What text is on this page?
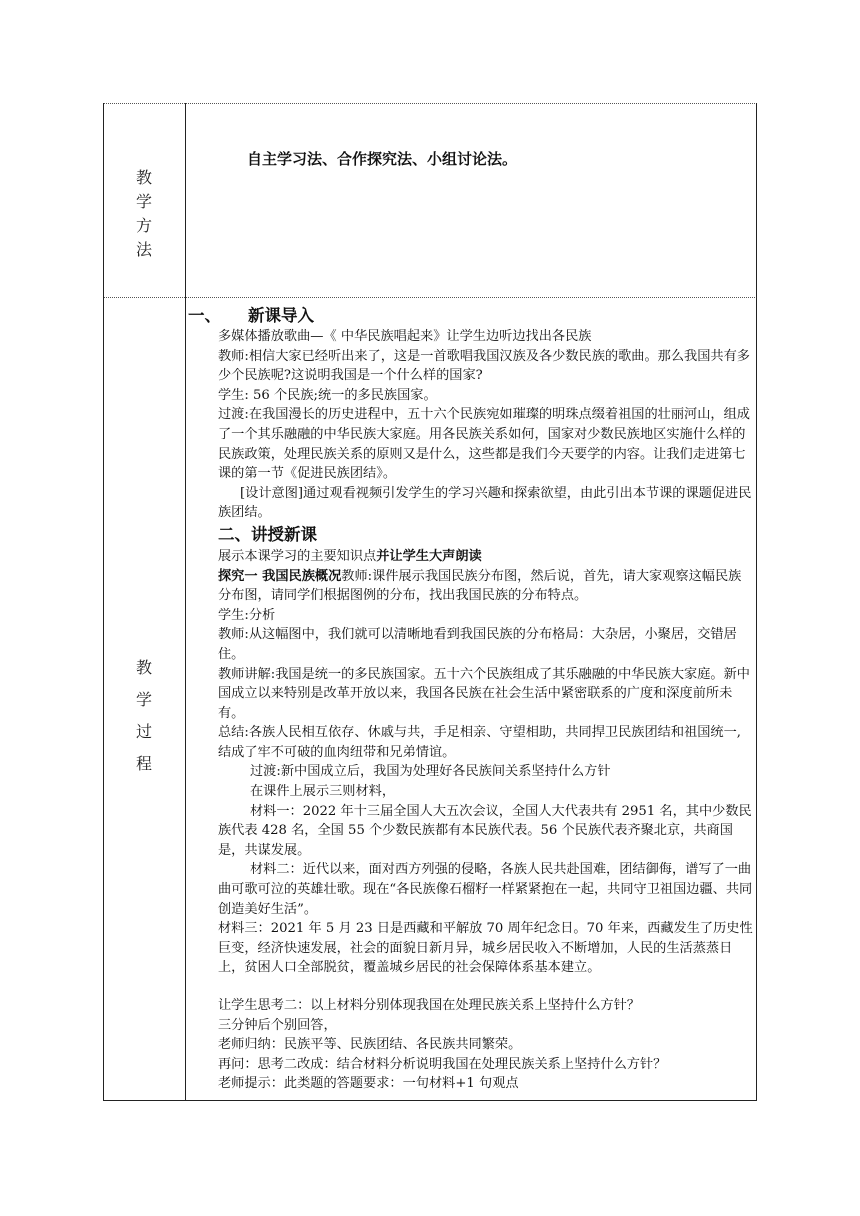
教
学
方
法
自主学习法、合作探究法、小组讨论法。
教
学
过
程
一、 新课导入

多媒体播放歌曲—《 中华民族唱起来》让学生边听边找出各民族

教师:相信大家已经听出来了，这是一首歌唱我国汉族及各少数民族的歌曲。那么我国共有多少个民族呢?这说明我国是一个什么样的国家?

学生: 56 个民族;统一的多民族国家。

过渡:在我国漫长的历史进程中，五十六个民族宛如璀璨的明珠点缀着祖国的壮丽河山，组成了一个其乐融融的中华民族大家庭。用各民族关系如何，国家对少数民族地区实施什么样的民族政策，处理民族关系的原则又是什么，这些都是我们今天要学的内容。让我们走进第七课的第一节《促进民族团结》。

[设计意图]通过观看视频引发学生的学习兴趣和探索欲望，由此引出本节课的课题促进民族团结。

二、讲授新课

展示本课学习的主要知识点并让学生大声朗读

探究一 我国民族概况教师:课件展示我国民族分布图，然后说，首先，请大家观察这幅民族分布图，请同学们根据图例的分布，找出我国民族的分布特点。

学生:分析

教师:从这幅图中，我们就可以清晰地看到我国民族的分布格局：大杂居，小聚居，交错居住。

教师讲解:我国是统一的多民族国家。五十六个民族组成了其乐融融的中华民族大家庭。新中国成立以来特别是改革开放以来，我国各民族在社会生活中紧密联系的广度和深度前所未有。

总结:各族人民相互依存、休戚与共，手足相亲、守望相助，共同捍卫民族团结和祖国统一, 结成了牢不可破的血肉纽带和兄弟情谊。

过渡:新中国成立后，我国为处理好各民族间关系坚持什么方针

在课件上展示三则材料，

材料一：2022 年十三届全国人大五次会议，全国人大代表共有 2951 名，其中少数民族代表 428 名，全国 55 个少数民族都有本民族代表。56 个民族代表齐聚北京，共商国是，共谋发展。

材料二：近代以来，面对西方列强的侵略，各族人民共赴国难，团结御侮，谱写了一曲曲可歌可泣的英雄壮歌。现在“各民族像石榴籽一样紧紧抱在一起，共同守卫祖国边疆、共同创造美好生活”。

材料三：2021 年 5 月 23 日是西藏和平解放 70 周年纪念日。70 年来，西藏发生了历史性巨变，经济快速发展，社会的面貌日新月异，城乡居民收入不断增加，人民的生活蒸蒸日上，贫困人口全部脱贫，覆盖城乡居民的社会保障体系基本建立。

让学生思考二：以上材料分别体现我国在处理民族关系上坚持什么方针？

三分钟后个别回答，

老师归纳：民族平等、民族团结、各民族共同繁荣。

再问：思考二改成：结合材料分析说明我国在处理民族关系上坚持什么方针？

老师提示：此类题的答题要求：一句材料+1 句观点
